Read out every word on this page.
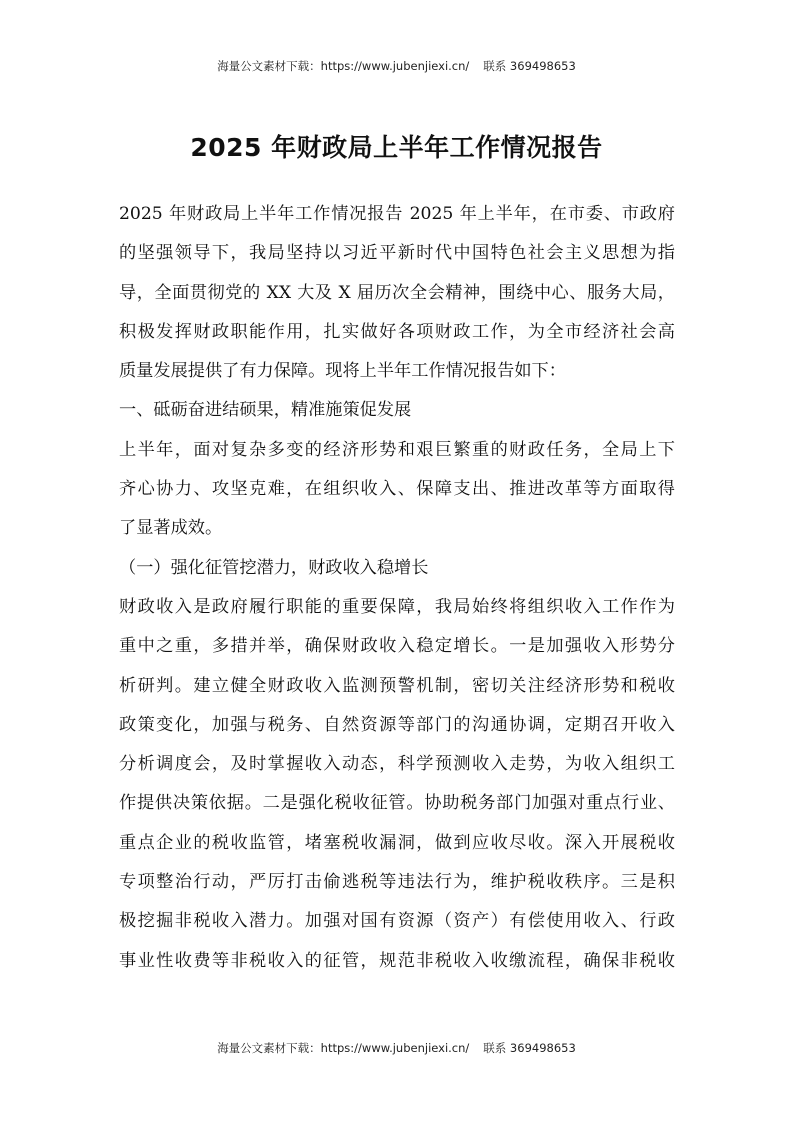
海量公文素材下载：https://www.jubenjiexi.cn/ 联系 369498653
2025 年财政局上半年工作情况报告
2025 年财政局上半年工作情况报告 2025 年上半年，在市委、市政府
的坚强领导下，我局坚持以习近平新时代中国特色社会主义思想为指
导，全面贯彻党的 XX 大及 X 届历次全会精神，围绕中心、服务大局，
积极发挥财政职能作用，扎实做好各项财政工作，为全市经济社会高
质量发展提供了有力保障。现将上半年工作情况报告如下：
一、砥砺奋进结硕果，精准施策促发展
上半年，面对复杂多变的经济形势和艰巨繁重的财政任务，全局上下
齐心协力、攻坚克难，在组织收入、保障支出、推进改革等方面取得
了显著成效。
（一）强化征管挖潜力，财政收入稳增长
财政收入是政府履行职能的重要保障，我局始终将组织收入工作作为
重中之重，多措并举，确保财政收入稳定增长。一是加强收入形势分
析研判。建立健全财政收入监测预警机制，密切关注经济形势和税收
政策变化，加强与税务、自然资源等部门的沟通协调，定期召开收入
分析调度会，及时掌握收入动态，科学预测收入走势，为收入组织工
作提供决策依据。二是强化税收征管。协助税务部门加强对重点行业、
重点企业的税收监管，堵塞税收漏洞，做到应收尽收。深入开展税收
专项整治行动，严厉打击偷逃税等违法行为，维护税收秩序。三是积
极挖掘非税收入潜力。加强对国有资源（资产）有偿使用收入、行政
事业性收费等非税收入的征管，规范非税收入收缴流程，确保非税收
海量公文素材下载：https://www.jubenjiexi.cn/ 联系 369498653
